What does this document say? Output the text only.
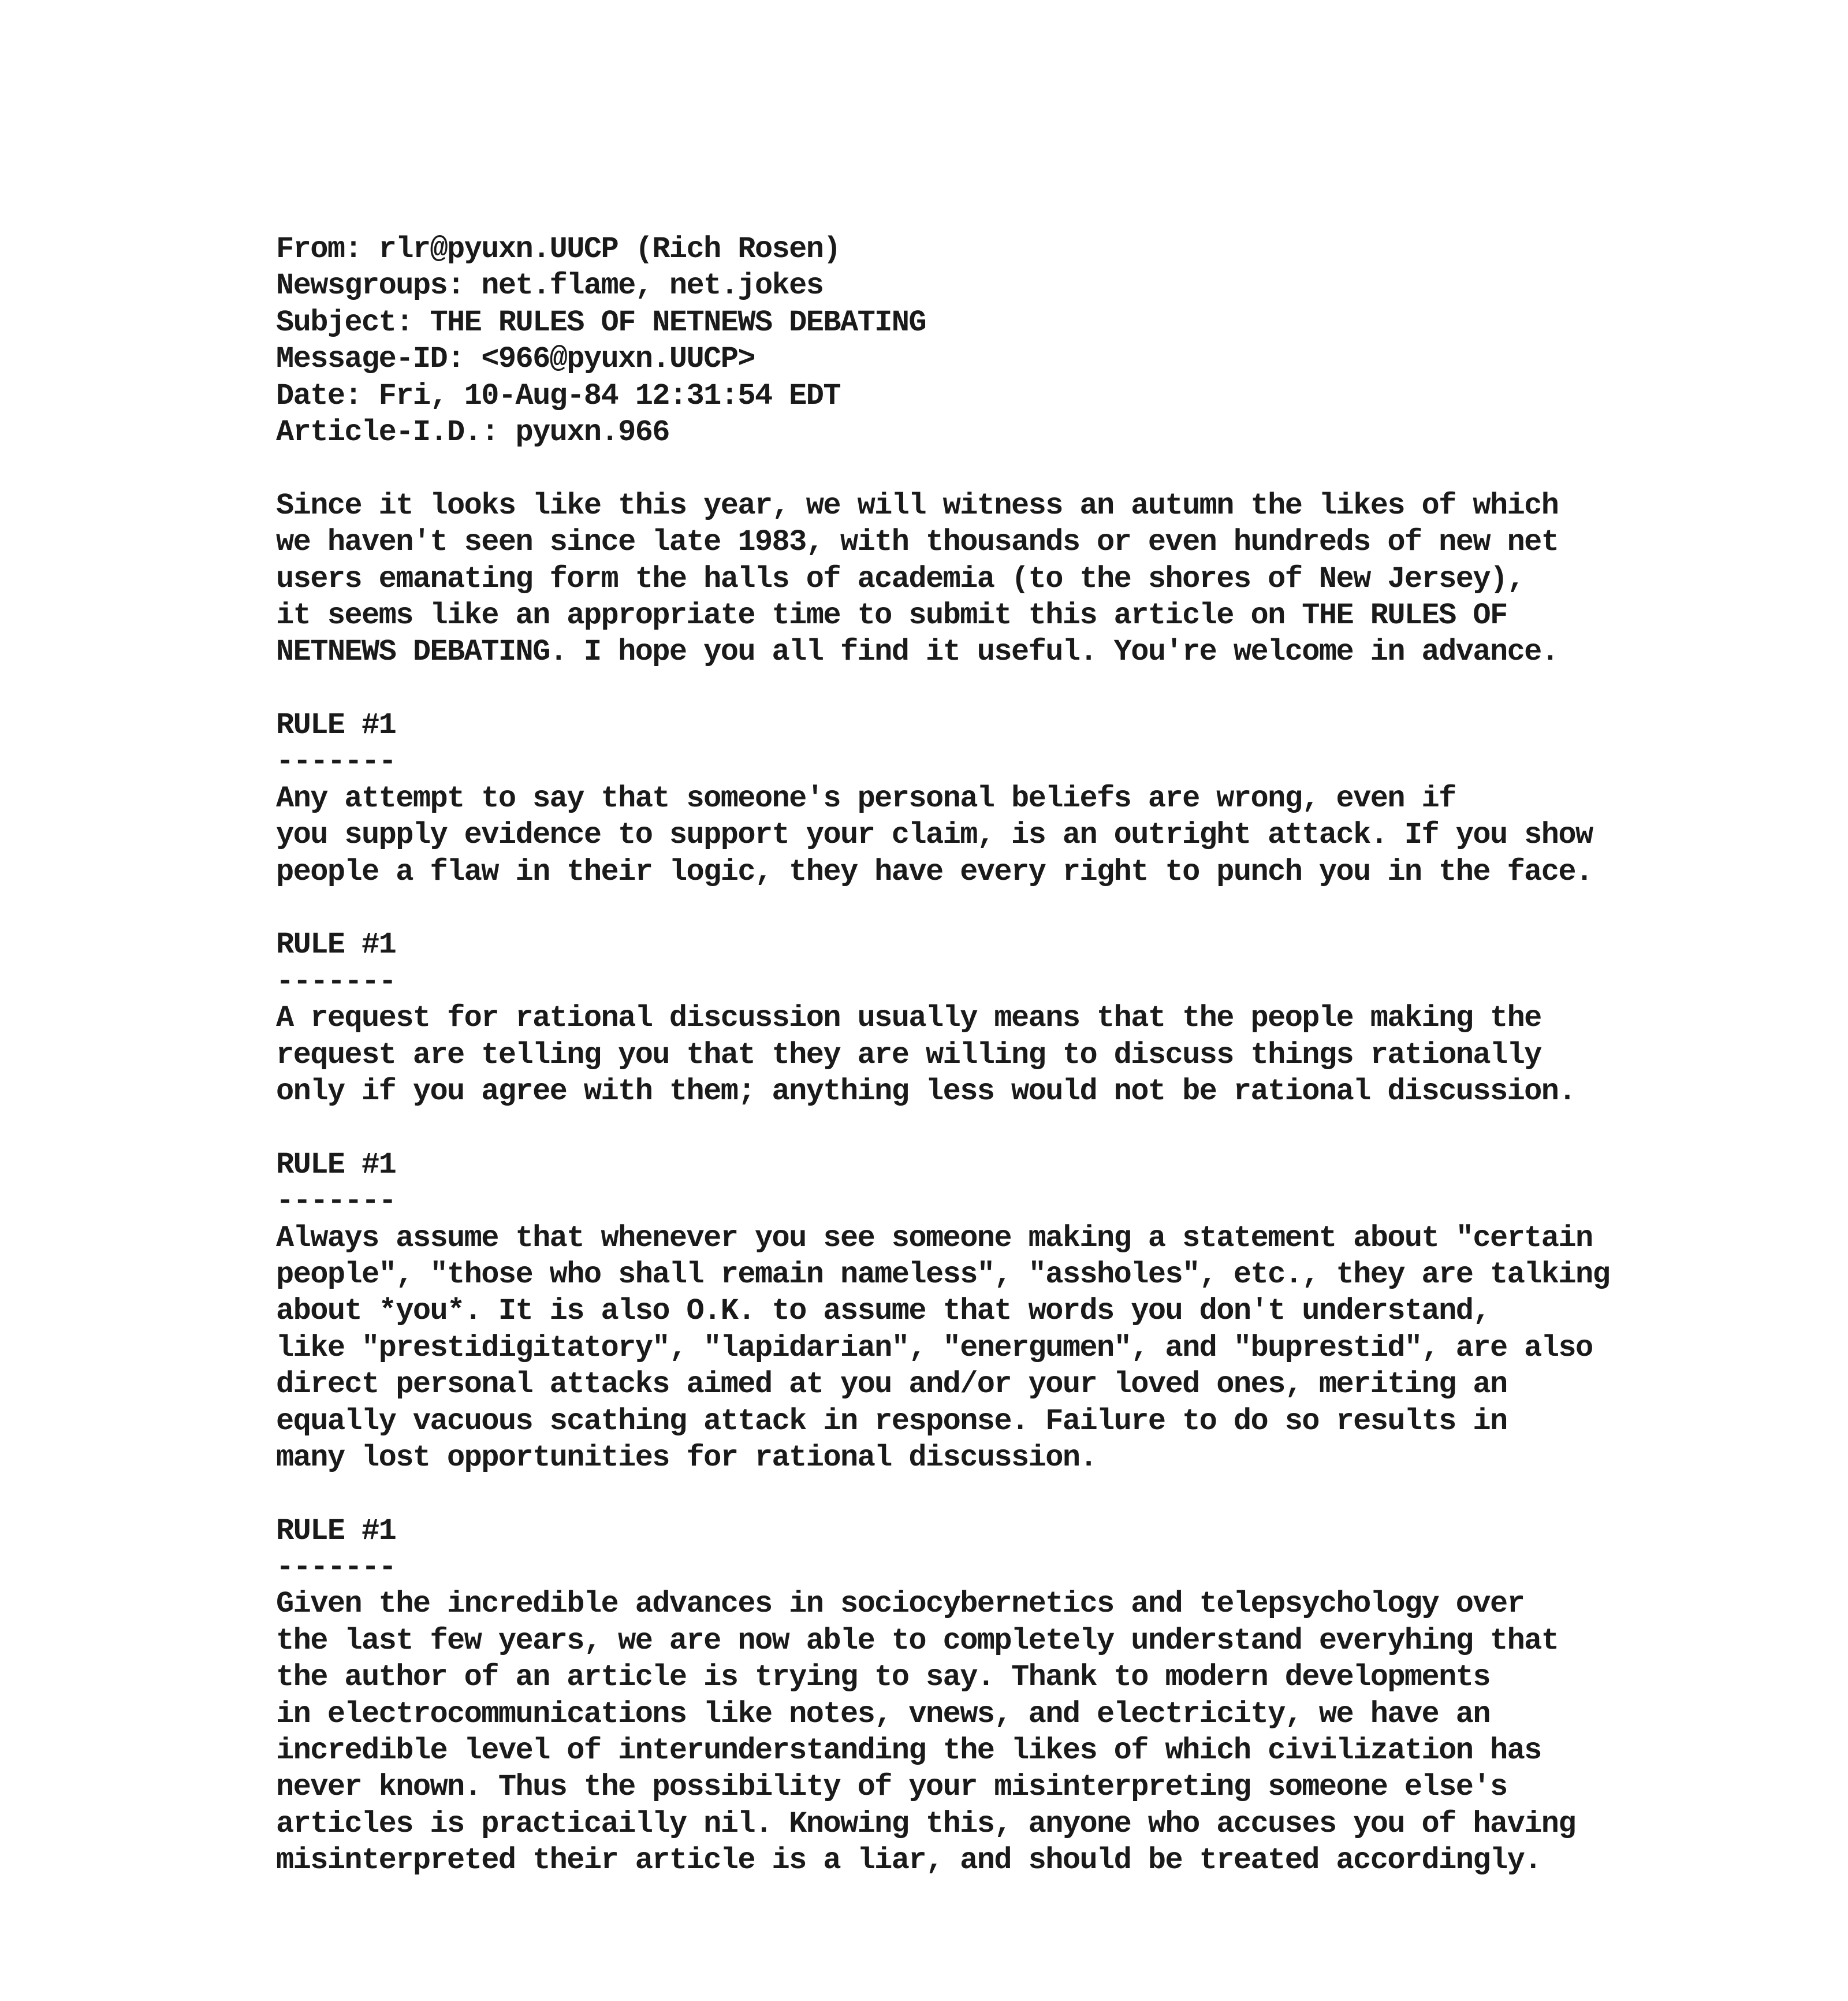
From: rlr@pyuxn.UUCP (Rich Rosen)
Newsgroups: net.flame, net.jokes
Subject: THE RULES OF NETNEWS DEBATING
Message-ID: <966@pyuxn.UUCP>
Date: Fri, 10-Aug-84 12:31:54 EDT
Article-I.D.: pyuxn.966
Since it looks like this year, we will witness an autumn the likes of which
we haven't seen since late 1983, with thousands or even hundreds of new net
users emanating form the halls of academia (to the shores of New Jersey),
it seems like an appropriate time to submit this article on THE RULES OF
NETNEWS DEBATING. I hope you all find it useful. You're welcome in advance.
RULE #1
-------
Any attempt to say that someone's personal beliefs are wrong, even if
you supply evidence to support your claim, is an outright attack. If you show
people a flaw in their logic, they have every right to punch you in the face.
RULE #1
-------
A request for rational discussion usually means that the people making the
request are telling you that they are willing to discuss things rationally
only if you agree with them; anything less would not be rational discussion.
RULE #1
-------
Always assume that whenever you see someone making a statement about "certain
people", "those who shall remain nameless", "assholes", etc., they are talking
about *you*. It is also O.K. to assume that words you don't understand,
like "prestidigitatory", "lapidarian", "energumen", and "buprestid", are also
direct personal attacks aimed at you and/or your loved ones, meriting an
equally vacuous scathing attack in response. Failure to do so results in
many lost opportunities for rational discussion.
RULE #1
-------
Given the incredible advances in sociocybernetics and telepsychology over
the last few years, we are now able to completely understand everyhing that
the author of an article is trying to say. Thank to modern developments
in electrocommunications like notes, vnews, and electricity, we have an
incredible level of interunderstanding the likes of which civilization has
never known. Thus the possibility of your misinterpreting someone else's
articles is practicailly nil. Knowing this, anyone who accuses you of having
misinterpreted their article is a liar, and should be treated accordingly.
